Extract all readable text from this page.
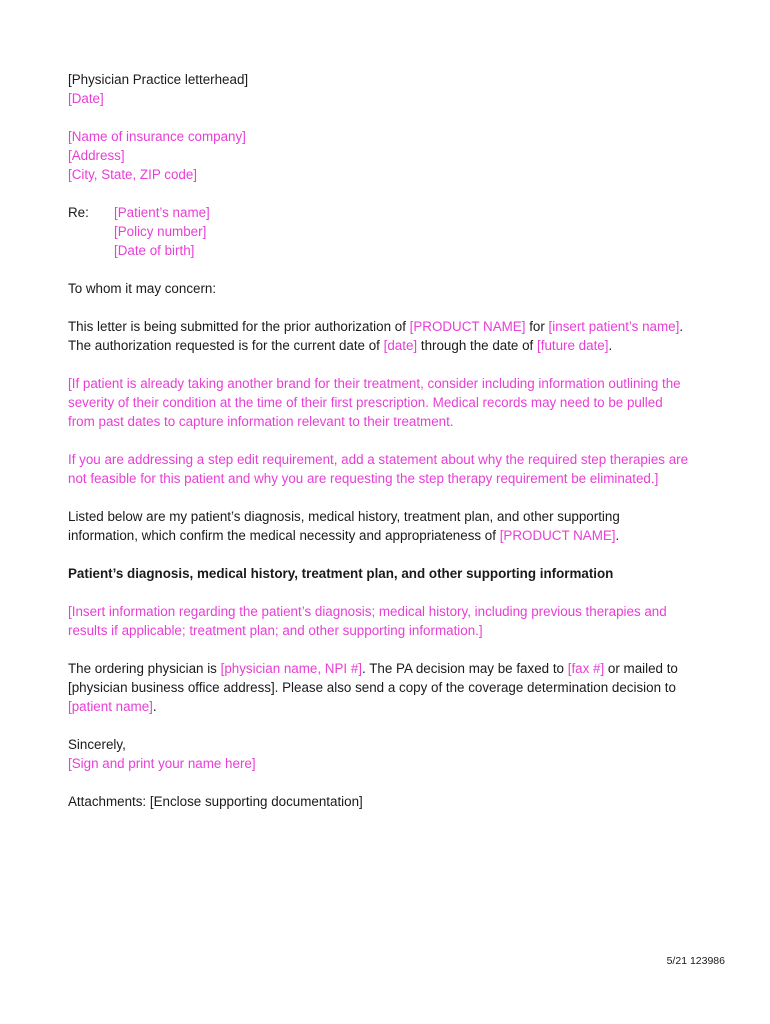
[Physician Practice letterhead]
[Date]
[Name of insurance company]
[Address]
[City, State, ZIP code]
Re:	[Patient’s name]
[Policy number]
[Date of birth]
To whom it may concern:
This letter is being submitted for the prior authorization of [PRODUCT NAME] for [insert patient’s name].
The authorization requested is for the current date of [date] through the date of [future date].
[If patient is already taking another brand for their treatment, consider including information outlining the
severity of their condition at the time of their first prescription. Medical records may need to be pulled
from past dates to capture information relevant to their treatment.
If you are addressing a step edit requirement, add a statement about why the required step therapies are
not feasible for this patient and why you are requesting the step therapy requirement be eliminated.]
Listed below are my patient’s diagnosis, medical history, treatment plan, and other supporting
information, which confirm the medical necessity and appropriateness of [PRODUCT NAME].
Patient’s diagnosis, medical history, treatment plan, and other supporting information
[Insert information regarding the patient’s diagnosis; medical history, including previous therapies and
results if applicable; treatment plan; and other supporting information.]
The ordering physician is [physician name, NPI #]. The PA decision may be faxed to [fax #] or mailed to
[physician business office address]. Please also send a copy of the coverage determination decision to
[patient name].
Sincerely,
[Sign and print your name here]
Attachments: [Enclose supporting documentation]
5/21 123986
